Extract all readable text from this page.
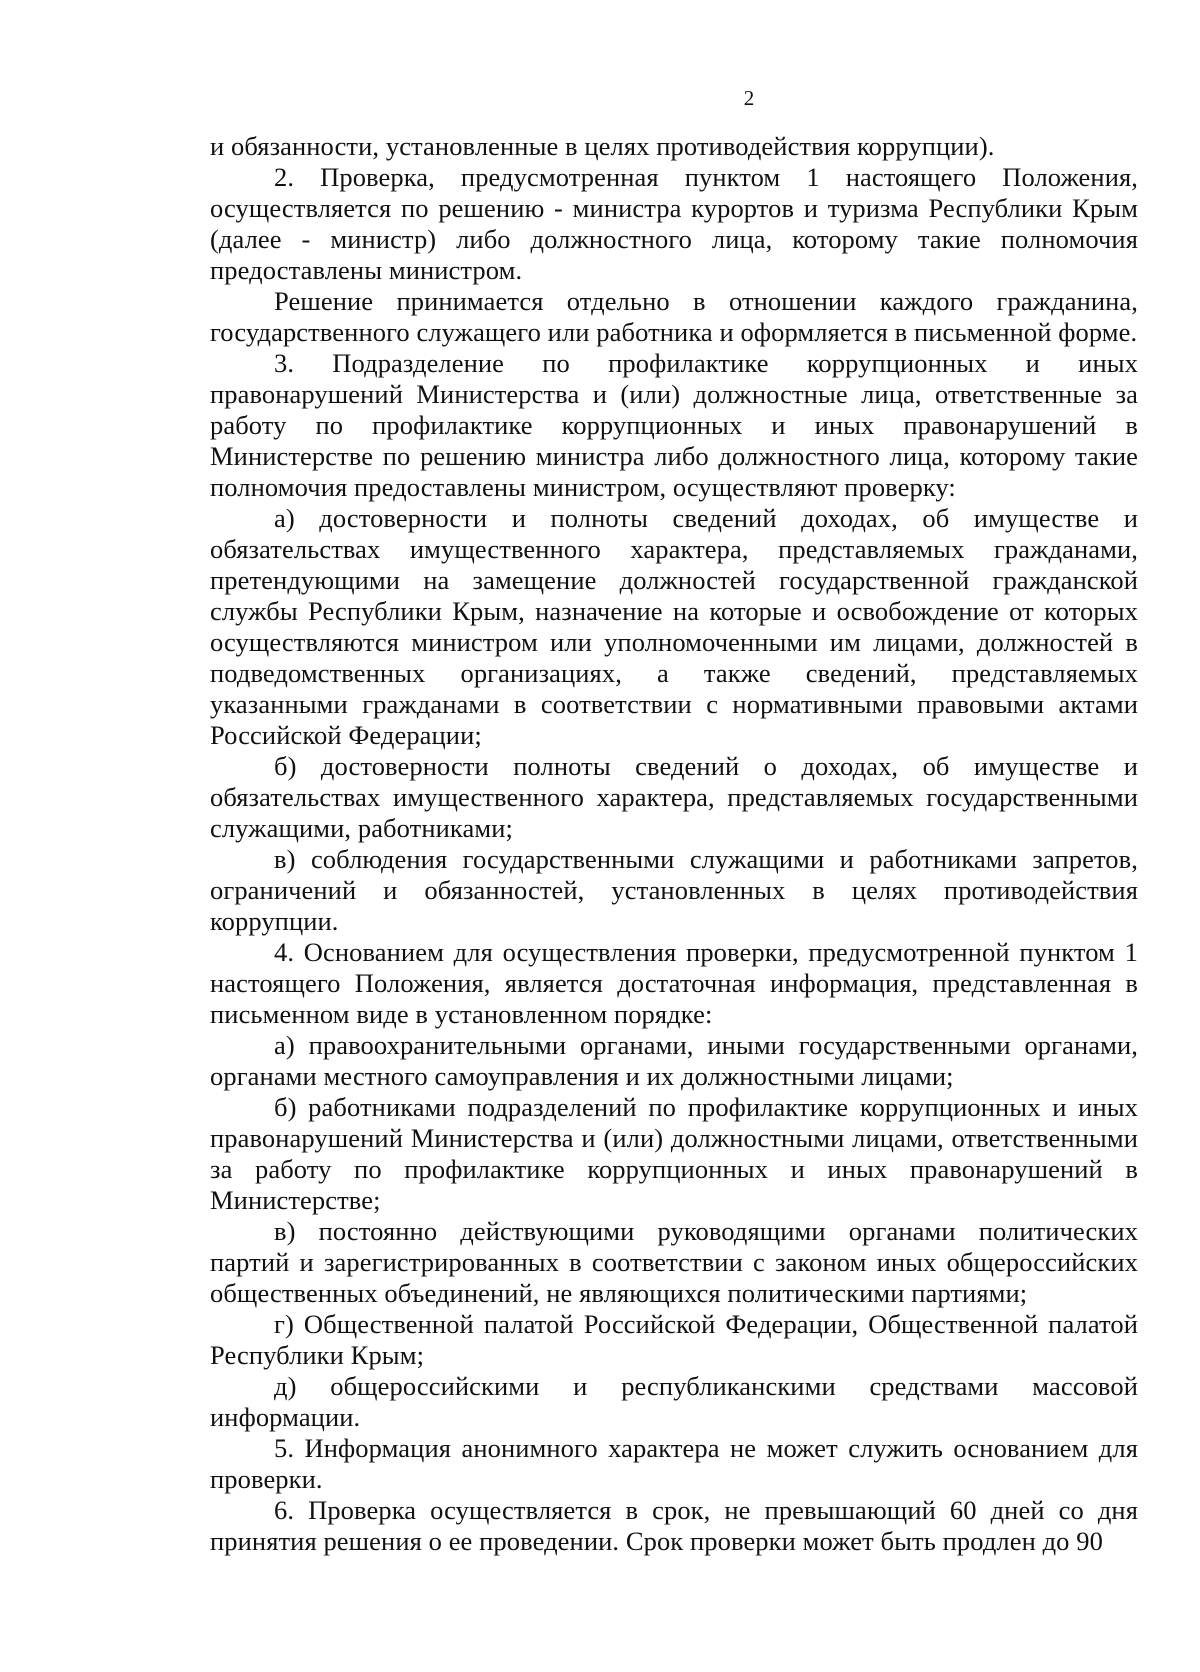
2

и обязанности, установленные в целях противодействия коррупции).

2. Проверка, предусмотренная пунктом 1 настоящего Положения, осуществляется по решению - министра курортов и туризма Республики Крым (далее - министр) либо должностного лица, которому такие полномочия предоставлены министром.

Решение принимается отдельно в отношении каждого гражданина, государственного служащего или работника и оформляется в письменной форме.

3. Подразделение по профилактике коррупционных и иных правонарушений Министерства и (или) должностные лица, ответственные за работу по профилактике коррупционных и иных правонарушений в Министерстве по решению министра либо должностного лица, которому такие полномочия предоставлены министром, осуществляют проверку:

а) достоверности и полноты сведений доходах, об имуществе и обязательствах имущественного характера, представляемых гражданами, претендующими на замещение должностей государственной гражданской службы Республики Крым, назначение на которые и освобождение от которых осуществляются министром или уполномоченными им лицами, должностей в подведомственных организациях, а также сведений, представляемых указанными гражданами в соответствии с нормативными правовыми актами Российской Федерации;

б) достоверности полноты сведений о доходах, об имуществе и обязательствах имущественного характера, представляемых государственными служащими, работниками;

в) соблюдения государственными служащими и работниками запретов, ограничений и обязанностей, установленных в целях противодействия коррупции.

4. Основанием для осуществления проверки, предусмотренной пунктом 1 настоящего Положения, является достаточная информация, представленная в письменном виде в установленном порядке:

а) правоохранительными органами, иными государственными органами, органами местного самоуправления и их должностными лицами;

б) работниками подразделений по профилактике коррупционных и иных правонарушений Министерства и (или) должностными лицами, ответственными за работу по профилактике коррупционных и иных правонарушений в Министерстве;

в) постоянно действующими руководящими органами политических партий и зарегистрированных в соответствии с законом иных общероссийских общественных объединений, не являющихся политическими партиями;

г) Общественной палатой Российской Федерации, Общественной палатой Республики Крым;

д) общероссийскими и республиканскими средствами массовой информации.

5. Информация анонимного характера не может служить основанием для проверки.

6. Проверка осуществляется в срок, не превышающий 60 дней со дня принятия решения о ее проведении. Срок проверки может быть продлен до 90
